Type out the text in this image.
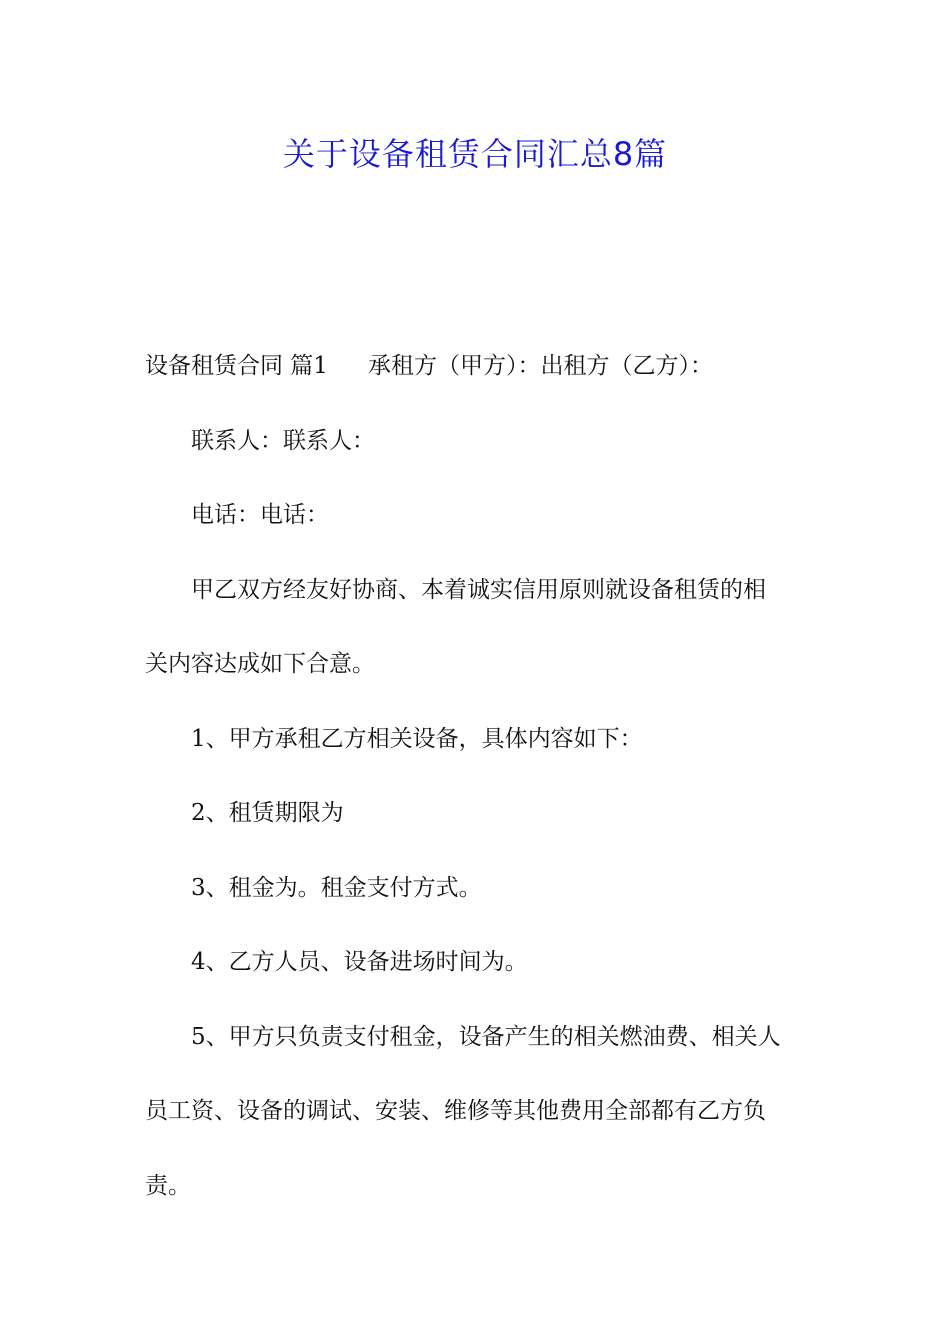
关于设备租赁合同汇总8篇

设备租赁合同 篇1 承租方（甲方）：出租方（乙方）：

联系人：联系人：

电话：电话：

甲乙双方经友好协商、本着诚实信用原则就设备租赁的相

关内容达成如下合意。

1、甲方承租乙方相关设备，具体内容如下：

2、租赁期限为

3、租金为。租金支付方式。

4、乙方人员、设备进场时间为。

5、甲方只负责支付租金，设备产生的相关燃油费、相关人

员工资、设备的调试、安装、维修等其他费用全部都有乙方负

责。
